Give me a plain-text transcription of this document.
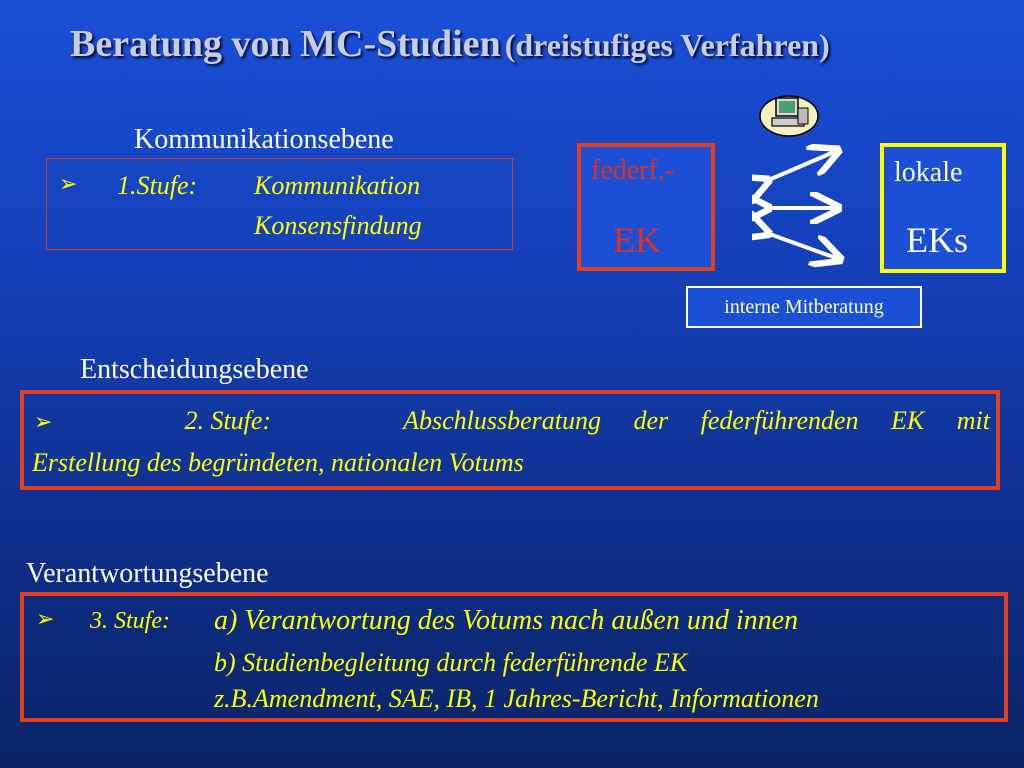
Beratung von MC-Studien (dreistufiges Verfahren)
Kommunikationsebene
➢ 1.Stufe: Kommunikation
Konsensfindung
federf.-
EK
lokale
EKs
interne Mitberatung
Entscheidungsebene
➢	2. Stufe:	Abschlussberatung der federführenden EK mit
Erstellung des begründeten, nationalen Votums
Verantwortungsebene
➢ 3. Stufe: a) Verantwortung des Votums nach außen und innen
b) Studienbegleitung durch federführende EK
z.B.Amendment, SAE, IB, 1 Jahres-Bericht, Informationen
